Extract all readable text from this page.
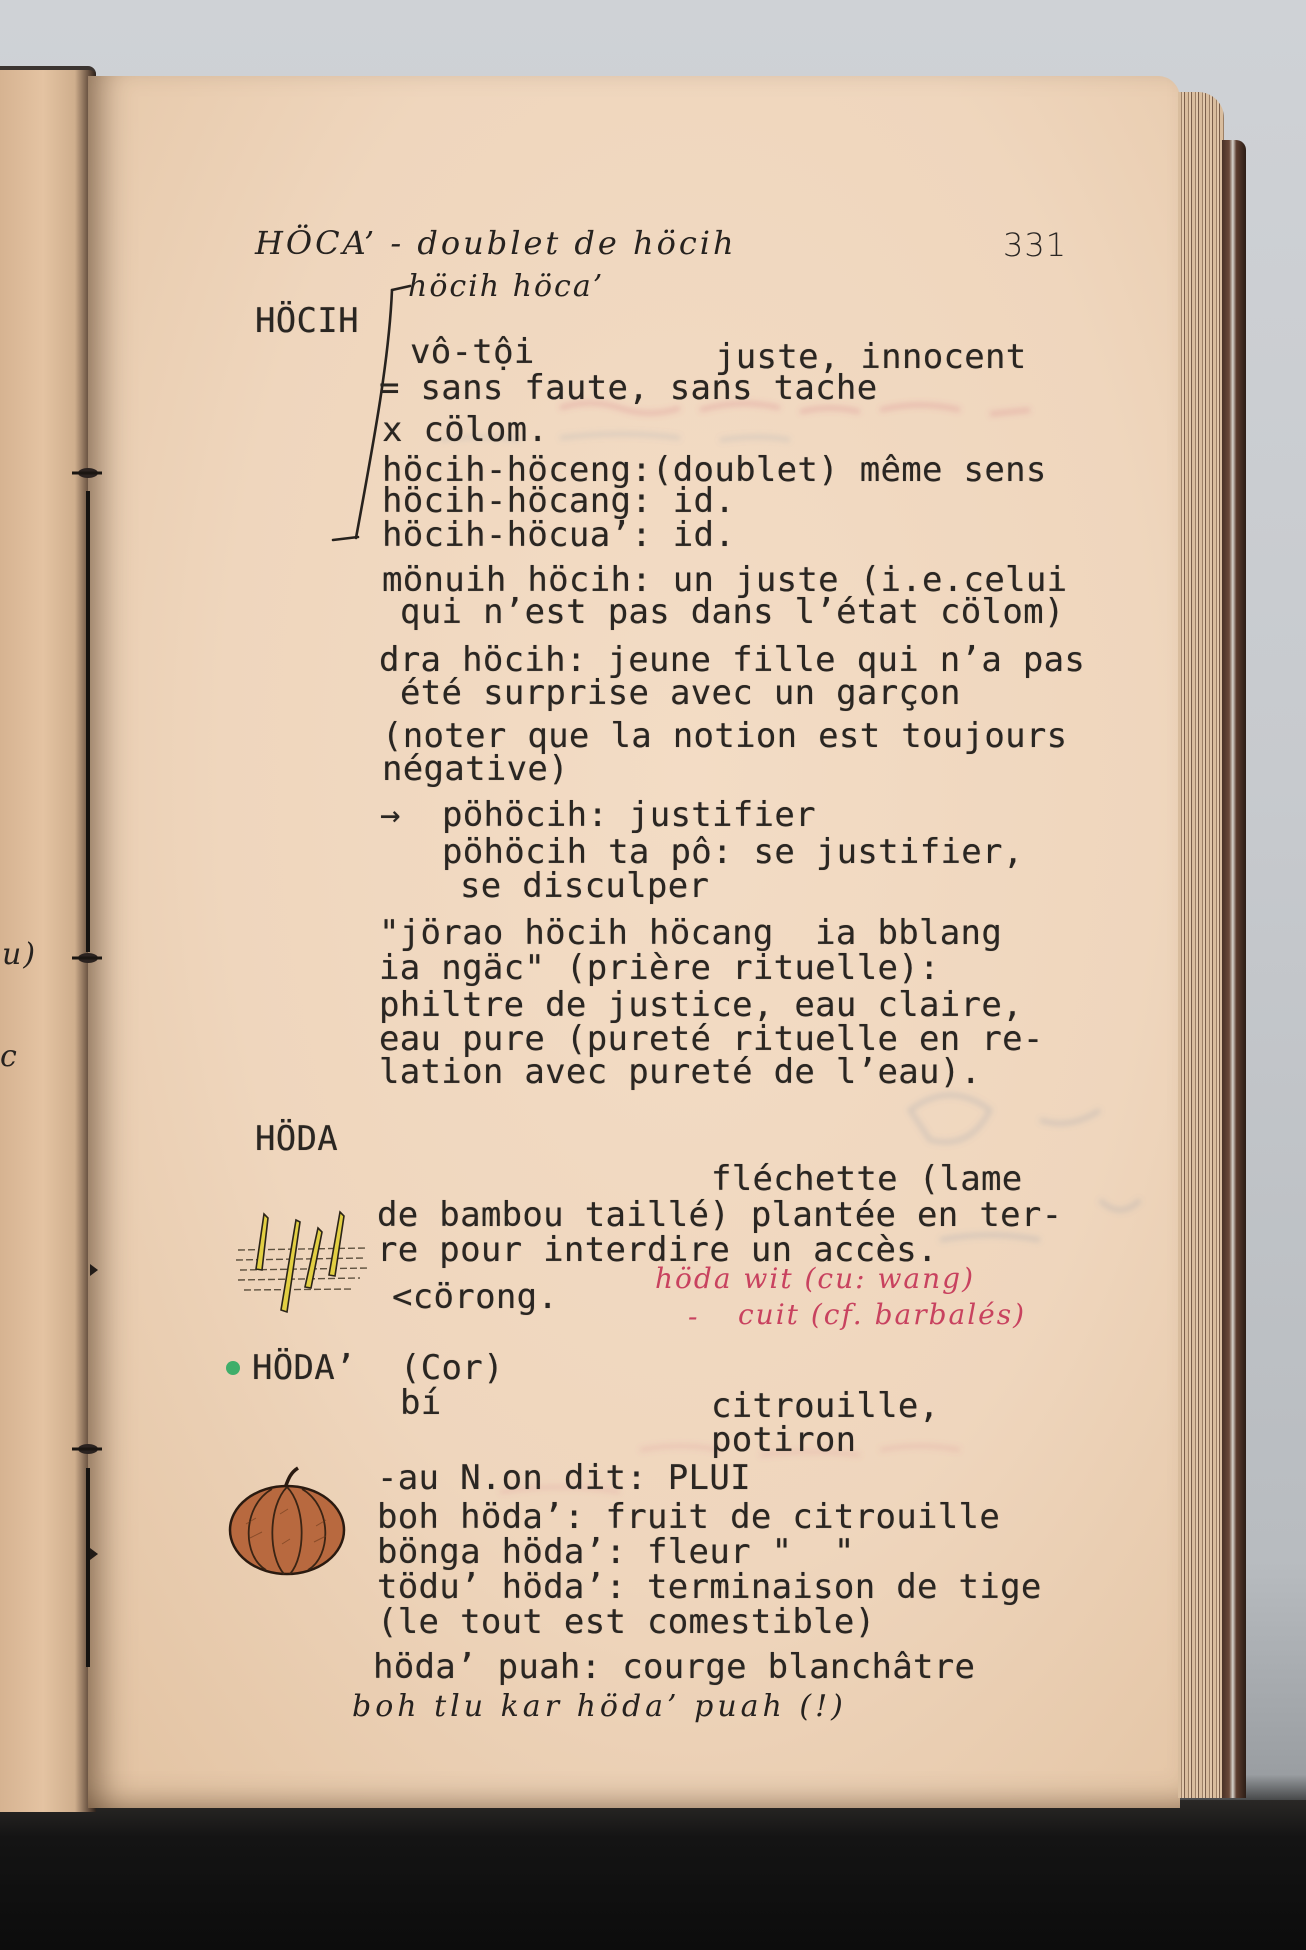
HÖCA’ - doublet de höcih
höcih höca’
331
höda wit (cu: wang)
- cuit (cf. barbalés)
boh tlu kar höda’ puah (!)
u)
c
HÖCIH
vô-tội	juste, innocent
= sans faute, sans tache
x cölom.
höcih-höceng:(doublet) même sens
höcih-höcang: id.
höcih-höcua’: id.
mönuih höcih: un juste (i.e.celui
qui n’est pas dans l’état cölom)
dra höcih: jeune fille qui n’a pas
été surprise avec un garçon
(noter que la notion est toujours
négative)
→ pöhöcih: justifier
pöhöcih ta pô: se justifier,
se disculper
"jörao höcih höcang  ia bblang
ia ngäc" (prière rituelle):
philtre de justice, eau claire,
eau pure (pureté rituelle en re-
lation avec pureté de l’eau).
HÖDA
fléchette (lame
de bambou taillé) plantée en ter-
re pour interdire un accès.
<cörong.
HÖDA’ (Cor)
bí	citrouille,
potiron
-au N.on dit: PLUI
boh höda’: fruit de citrouille
bönga höda’: fleur "  "
tödu’ höda’: terminaison de tige
(le tout est comestible)
höda’ puah: courge blanchâtre
